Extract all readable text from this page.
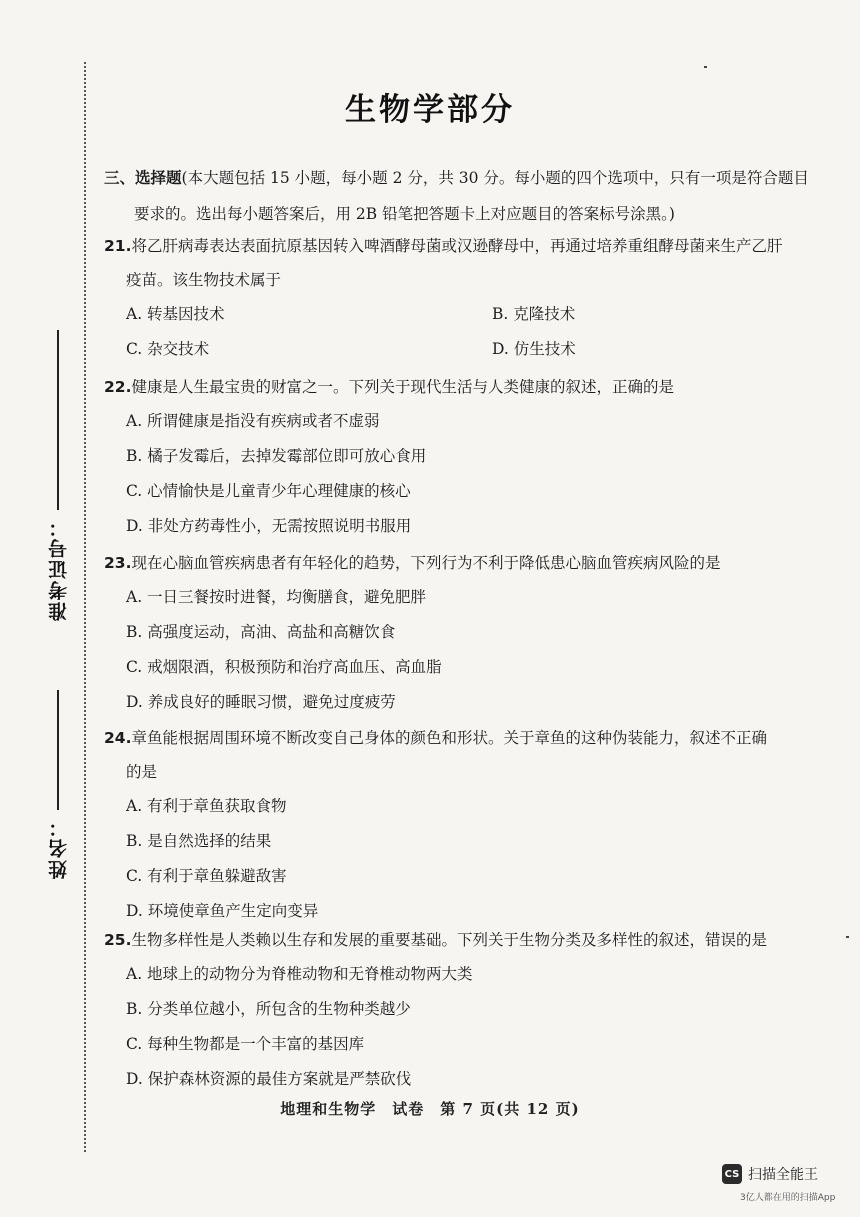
准考证号：
姓名：
生物学部分
三、选择题(本大题包括 15 小题，每小题 2 分，共 30 分。每小题的四个选项中，只有一项是符合题目
要求的。选出每小题答案后，用 2B 铅笔把答题卡上对应题目的答案标号涂黑。)
21.将乙肝病毒表达表面抗原基因转入啤酒酵母菌或汉逊酵母中，再通过培养重组酵母菌来生产乙肝
疫苗。该生物技术属于
A. 转基因技术	B. 克隆技术
C. 杂交技术	D. 仿生技术
22.健康是人生最宝贵的财富之一。下列关于现代生活与人类健康的叙述，正确的是
A. 所谓健康是指没有疾病或者不虚弱
B. 橘子发霉后，去掉发霉部位即可放心食用
C. 心情愉快是儿童青少年心理健康的核心
D. 非处方药毒性小，无需按照说明书服用
23.现在心脑血管疾病患者有年轻化的趋势，下列行为不利于降低患心脑血管疾病风险的是
A. 一日三餐按时进餐，均衡膳食，避免肥胖
B. 高强度运动，高油、高盐和高糖饮食
C. 戒烟限酒，积极预防和治疗高血压、高血脂
D. 养成良好的睡眠习惯，避免过度疲劳
24.章鱼能根据周围环境不断改变自己身体的颜色和形状。关于章鱼的这种伪装能力，叙述不正确
的是
A. 有利于章鱼获取食物
B. 是自然选择的结果
C. 有利于章鱼躲避敌害
D. 环境使章鱼产生定向变异
25.生物多样性是人类赖以生存和发展的重要基础。下列关于生物分类及多样性的叙述，错误的是
A. 地球上的动物分为脊椎动物和无脊椎动物两大类
B. 分类单位越小，所包含的生物种类越少
C. 每种生物都是一个丰富的基因库
D. 保护森林资源的最佳方案就是严禁砍伐
地理和生物学　试卷　第 7 页(共 12 页)
CS 扫描全能王
3亿人都在用的扫描App
